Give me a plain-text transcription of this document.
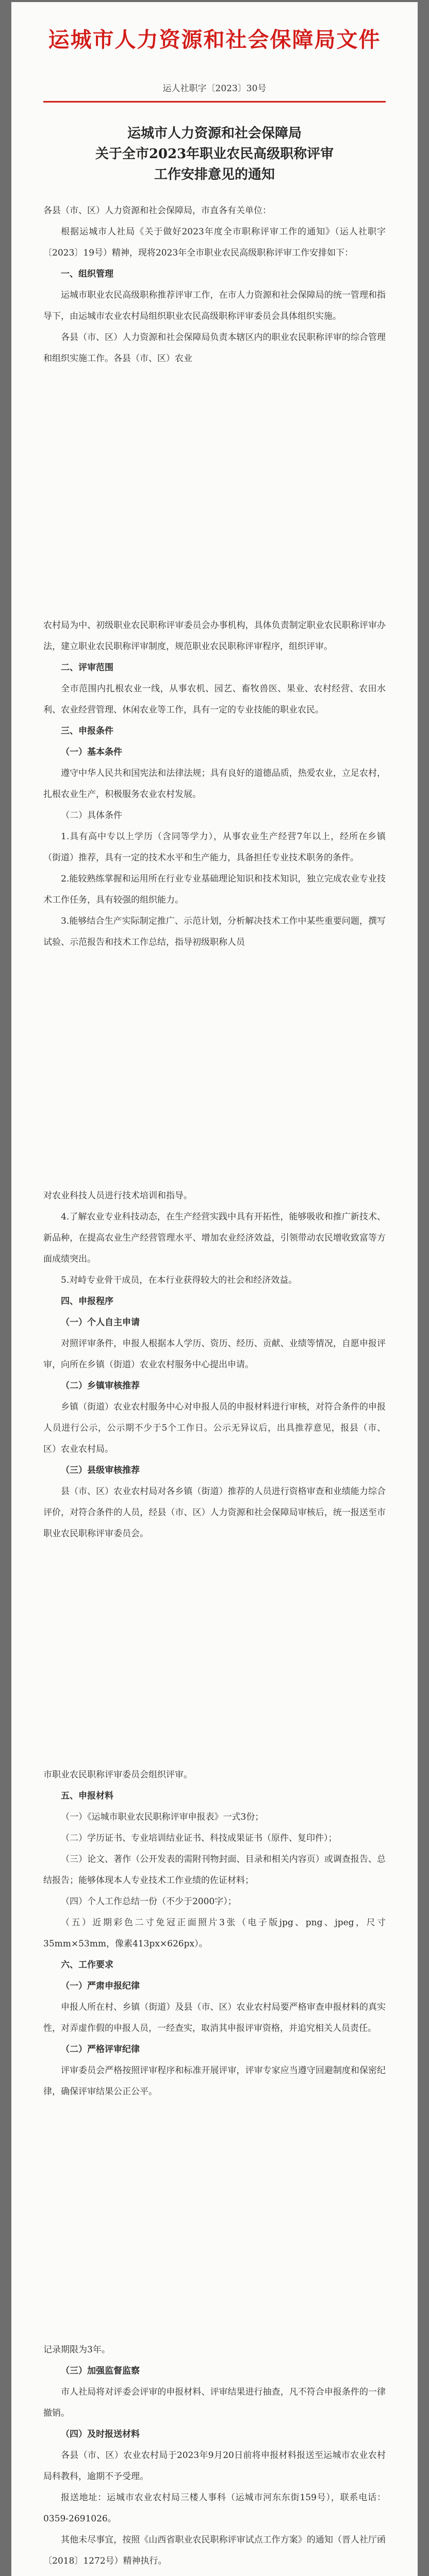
运城市人力资源和社会保障局文件
运人社职字〔2023〕30号
运城市人力资源和社会保障局
关于全市2023年职业农民高级职称评审
工作安排意见的通知

各县（市、区）人力资源和社会保障局，市直各有关单位：

根据运城市人社局《关于做好2023年度全市职称评审工作的通知》（运人社职字〔2023〕19号）精神，现将2023年全市职业农民高级职称评审工作安排如下：

一、组织管理

运城市职业农民高级职称推荐评审工作，在市人力资源和社会保障局的统一管理和指导下，由运城市农业农村局组织职业农民高级职称评审委员会具体组织实施。

各县（市、区）人力资源和社会保障局负责本辖区内的职业农民职称评审的综合管理和组织实施工作。各县（市、区）农业

农村局为中、初级职业农民职称评审委员会办事机构，具体负责制定职业农民职称评审办法，建立职业农民职称评审制度，规范职业农民职称评审程序，组织评审。

二、评审范围

全市范围内扎根农业一线，从事农机、园艺、畜牧兽医、果业、农村经营、农田水利、农业经营管理、休闲农业等工作，具有一定的专业技能的职业农民。

三、申报条件

（一）基本条件

遵守中华人民共和国宪法和法律法规；具有良好的道德品质，热爱农业，立足农村，扎根农业生产，积极服务农业农村发展。

（二）具体条件

1.具有高中专以上学历（含同等学力），从事农业生产经营7年以上，经所在乡镇（街道）推荐，具有一定的技术水平和生产能力，具备担任专业技术职务的条件。

2.能较熟练掌握和运用所在行业专业基础理论知识和技术知识，独立完成农业专业技术工作任务，具有较强的组织能力。

3.能够结合生产实际制定推广、示范计划，分析解决技术工作中某些重要问题，撰写试验、示范报告和技术工作总结，指导初级职称人员

对农业科技人员进行技术培训和指导。

4.了解农业专业科技动态，在生产经营实践中具有开拓性，能够吸收和推广新技术、新品种，在提高农业生产经营管理水平、增加农业经济效益，引领带动农民增收致富等方面成绩突出。

5.对峙专业骨干成员，在本行业获得较大的社会和经济效益。

四、申报程序

（一）个人自主申请

对照评审条件，申报人根据本人学历、资历、经历、贡献、业绩等情况，自愿申报评审，向所在乡镇（街道）农业农村服务中心提出申请。

（二）乡镇审核推荐

乡镇（街道）农业农村服务中心对申报人员的申报材料进行审核，对符合条件的申报人员进行公示，公示期不少于5个工作日。公示无异议后，出具推荐意见，报县（市、区）农业农村局。

（三）县级审核推荐

县（市、区）农业农村局对各乡镇（街道）推荐的人员进行资格审查和业绩能力综合评价，对符合条件的人员，经县（市、区）人力资源和社会保障局审核后，统一报送至市职业农民职称评审委员会。

市职业农民职称评审委员会组织评审。

五、申报材料

（一）《运城市职业农民职称评审申报表》一式3份；

（二）学历证书、专业培训结业证书、科技成果证书（原件、复印件）；

（三）论文、著作（公开发表的需附刊物封面、目录和相关内容页）或调查报告、总结报告；能够体现本人专业技术工作业绩的佐证材料；

（四）个人工作总结一份（不少于2000字）；

（五）近期彩色二寸免冠正面照片3张（电子版jpg、png、jpeg，尺寸35mm×53mm，像素413px×626px）。

六、工作要求

（一）严肃申报纪律

申报人所在村、乡镇（街道）及县（市、区）农业农村局要严格审查申报材料的真实性，对弄虚作假的申报人员，一经查实，取消其申报评审资格，并追究相关人员责任。

（二）严格评审纪律

评审委员会严格按照评审程序和标准开展评审，评审专家应当遵守回避制度和保密纪律，确保评审结果公正公平。

记录期限为3年。

（三）加强监督监察

市人社局将对评委会评审的申报材料、评审结果进行抽查，凡不符合申报条件的一律撤销。

（四）及时报送材料

各县（市、区）农业农村局于2023年9月20日前将申报材料报送至运城市农业农村局科教科，逾期不予受理。

报送地址：运城市农业农村局三楼人事科（运城市河东东街159号），联系电话：0359-2691026。

其他未尽事宜，按照《山西省职业农民职称评审试点工作方案》的通知（晋人社厅函〔2018〕1272号）精神执行。
